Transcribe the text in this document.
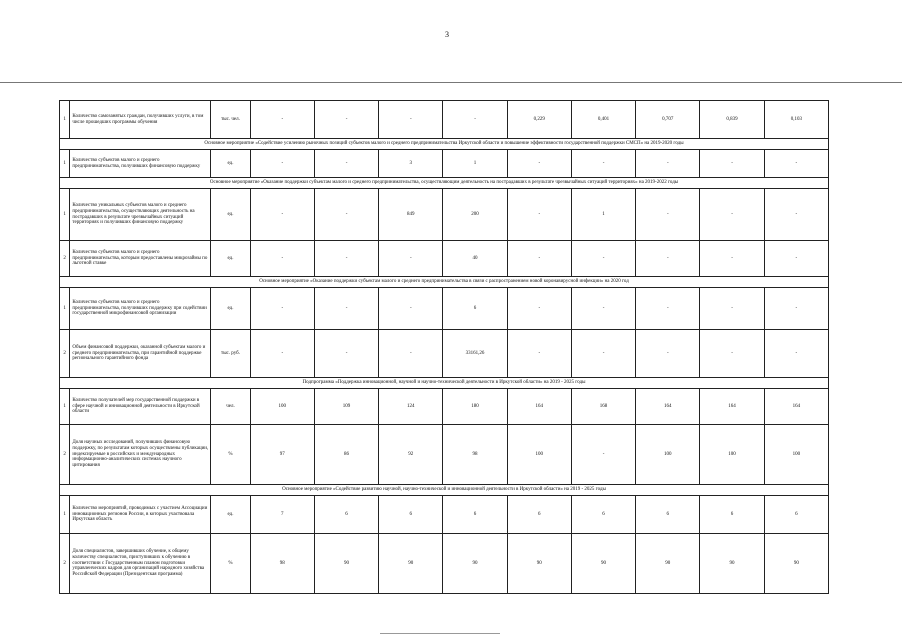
3
1	Количество самозанятых граждан, получивших услуги, в том числе прошедших программы обучения	тыс. чел.	-	-	-	-	0,229	0,401	0,707	0,839	0,103
Основное мероприятие «Содействие усилению рыночных позиций субъектов малого и среднего предпринимательства Иркутской области и повышение эффективности государственной поддержки СМСП» на 2019-2020 годы											
1	Количество субъектов малого и среднего предпринимательства, получивших финансовую поддержку	ед.	-	-	3	1	-	-	-	-	-
Основное мероприятие «Оказание поддержки субъектам малого и среднего предпринимательства, осуществляющим деятельность на пострадавших в результате чрезвычайных ситуаций территориях» на 2019-2022 годы											
1	Количество уникальных субъектов малого и среднего предпринимательства, осуществляющих деятельность на пострадавших в результате чрезвычайных ситуаций территориях и получивших финансовую поддержку	ед.	-	-	849	200	-	1	-	-	-
2	Количество субъектов малого и среднего предпринимательства, которым предоставлены микрозаймы по льготной ставке	ед.	-	-	-	40	-	-	-	-	-
Основное мероприятие «Оказание поддержки субъектам малого и среднего предпринимательства в связи с распространением новой коронавирусной инфекции» на 2020 год											
1	Количество субъектов малого и среднего предпринимательства, получивших поддержку при содействии государственной микрофинансовой организации	ед.	-	-	-	6	-	-	-	-	-
2	Объем финансовой поддержки, оказанной субъектам малого и среднего предпринимательства, при гарантийной поддержке регионального гарантийного фонда	тыс. руб.	-	-	-	33161,26	-	-	-	-	-
Подпрограмма «Поддержка инновационной, научной и научно-технической деятельности в Иркутской области» на 2019 - 2025 годы											
1	Количество получателей мер государственной поддержки в сфере научной и инновационной деятельности в Иркутской области	чел.	100	109	124	180	164	168	164	164	164
2	Доля научных исследований, получивших финансовую поддержку, по результатам которых осуществлены публикации, индексируемые в российских и международных информационно-аналитических системах научного цитирования	%	97	86	92	98	100	-	100	100	100
Основное мероприятие «Содействие развитию научной, научно-технической и инновационной деятельности в Иркутской области» на 2019 - 2025 годы											
1	Количество мероприятий, проводимых с участием Ассоциации инновационных регионов России, в которых участвовала Иркутская область	ед.	7	6	6	6	6	6	6	6	6
2	Доля специалистов, завершивших обучение, к общему количеству специалистов, приступивших к обучению в соответствии с Государственным планом подготовки управленческих кадров для организаций народного хозяйства Российской Федерации (Президентская программа)	%	98	90	90	90	90	90	90	90	90
